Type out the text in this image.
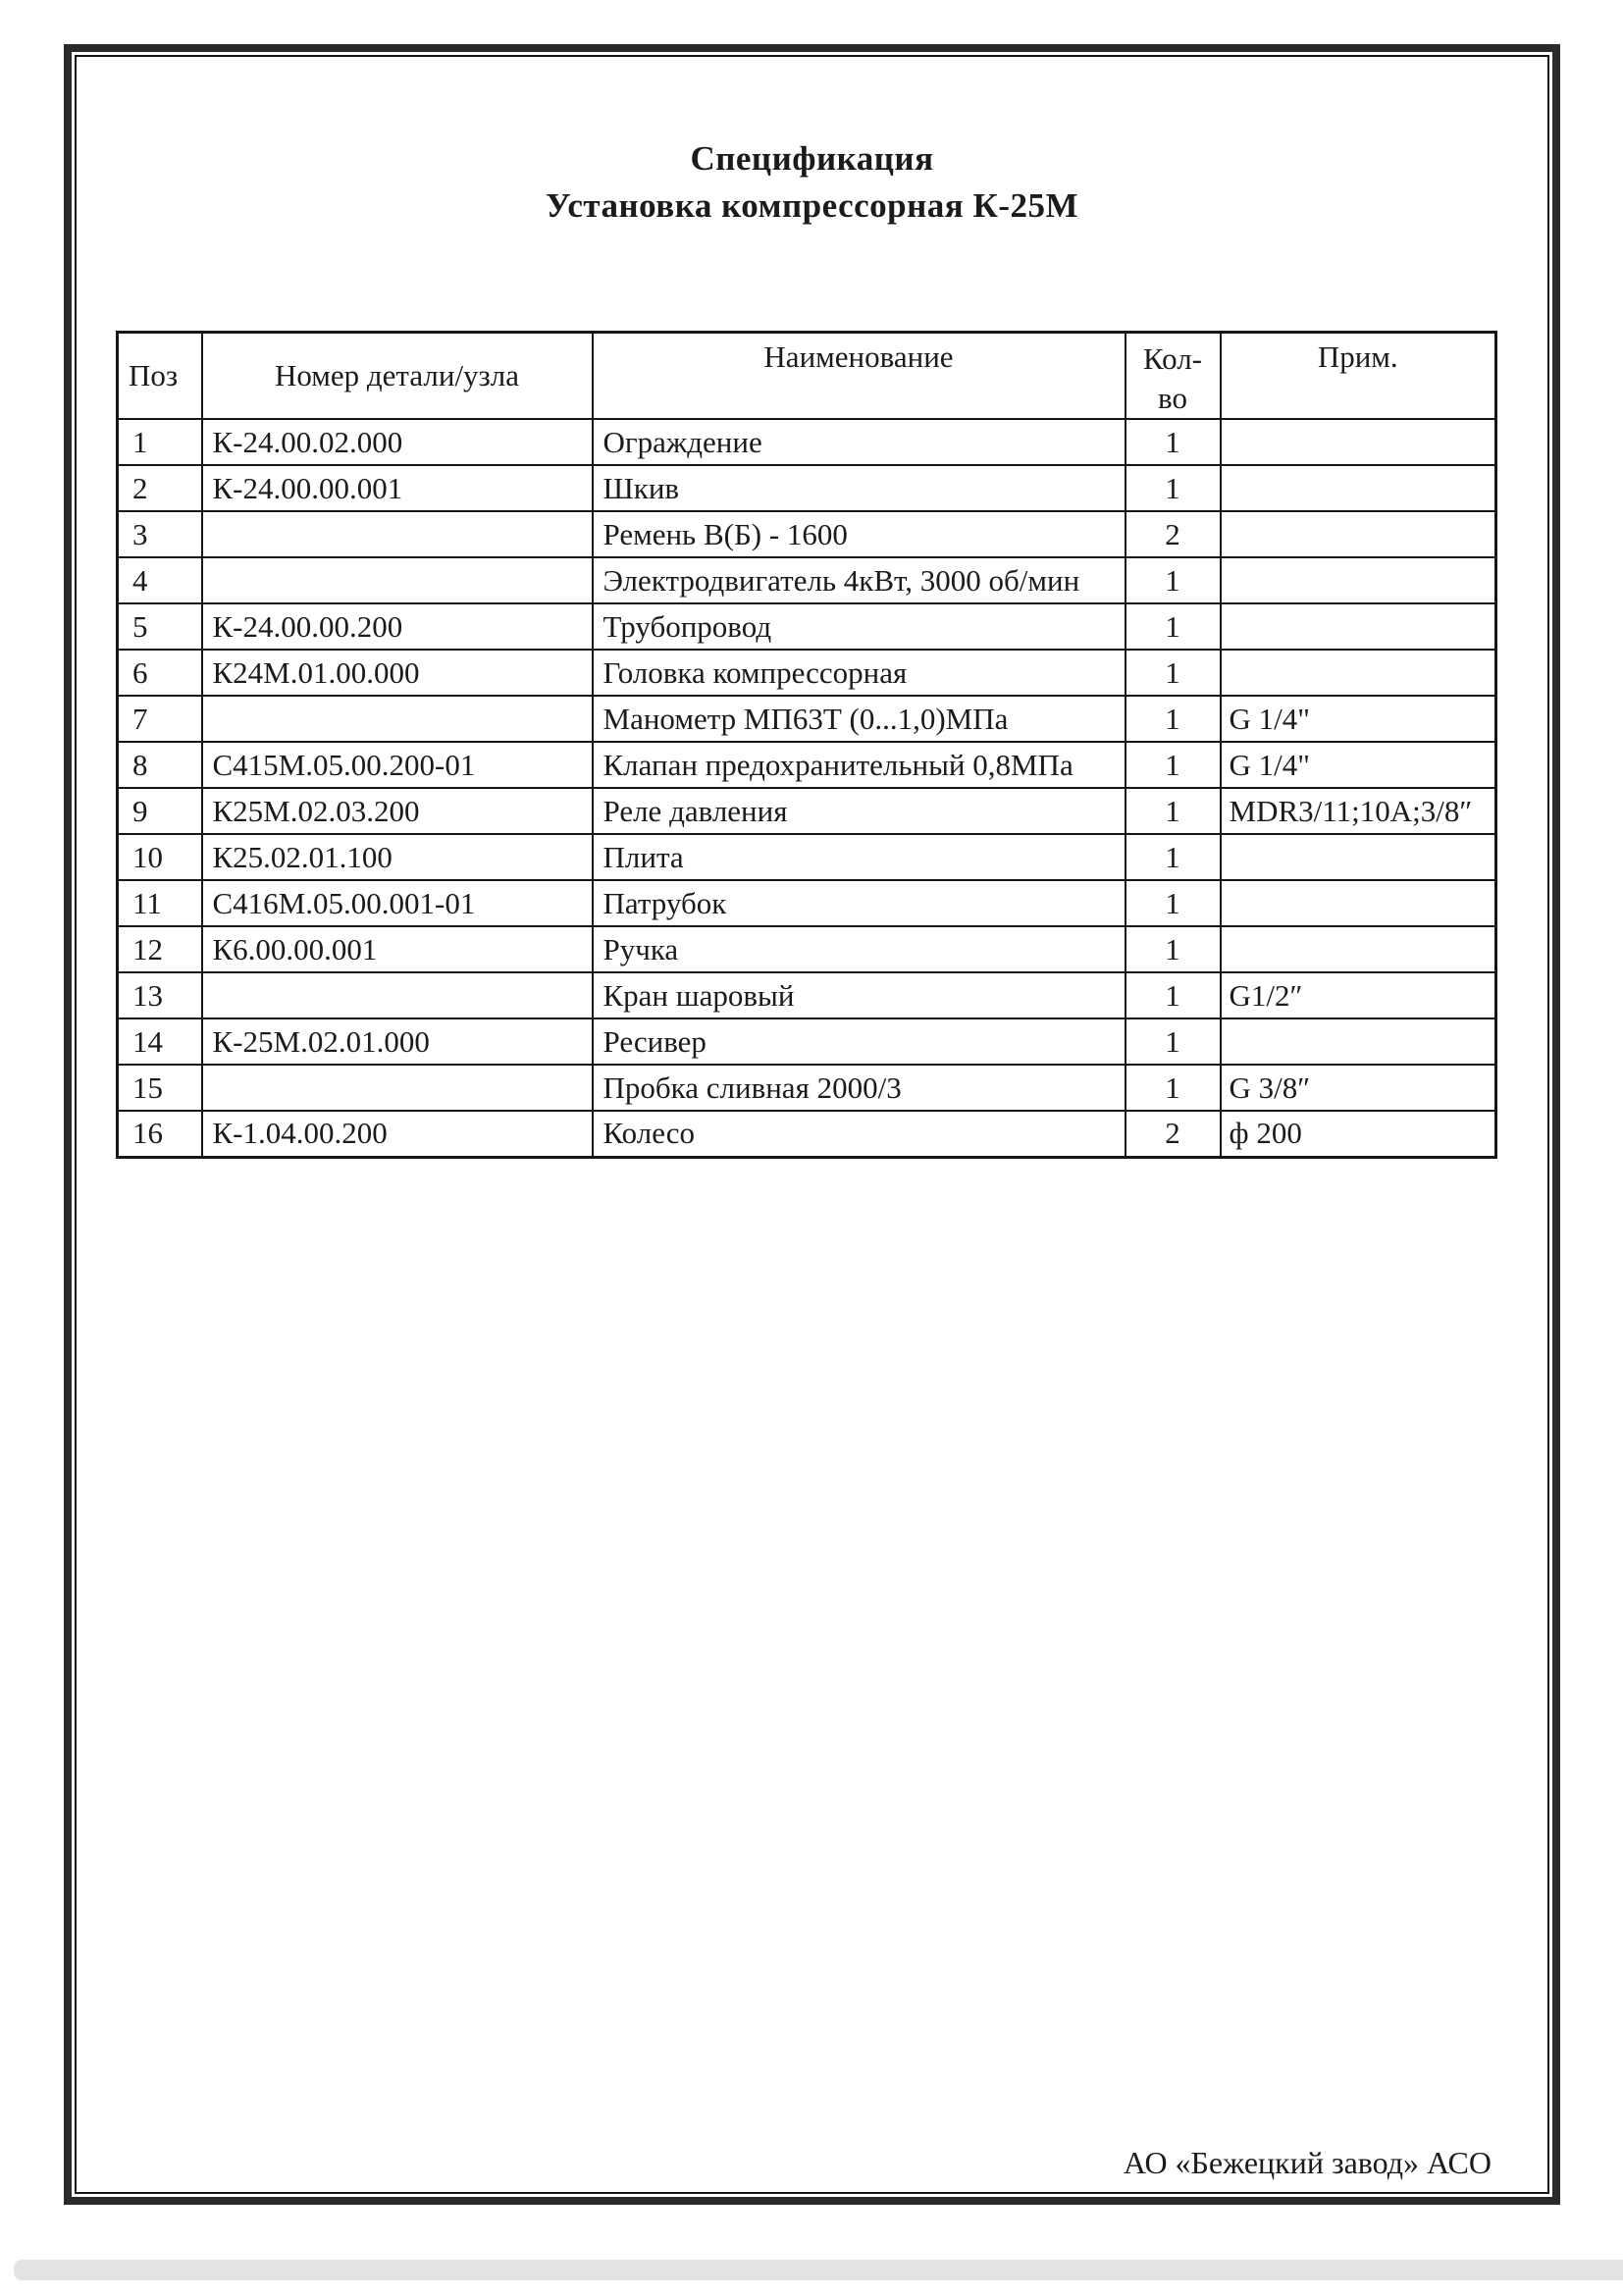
Спецификация
Установка компрессорная К-25М
Поз	Номер детали/узла	Наименование	Кол-
во	Прим.
1	К-24.00.02.000	Ограждение	1	
2	К-24.00.00.001	Шкив	1	
3		Ремень В(Б) - 1600	2	
4		Электродвигатель 4кВт, 3000 об/мин	1	
5	К-24.00.00.200	Трубопровод	1	
6	К24М.01.00.000	Головка компрессорная	1	
7		Манометр МП63Т (0...1,0)МПа	1	G 1/4"
8	С415М.05.00.200-01	Клапан предохранительный 0,8МПа	1	G 1/4"
9	К25М.02.03.200	Реле давления	1	MDR3/11;10А;3/8″
10	К25.02.01.100	Плита	1	
11	С416М.05.00.001-01	Патрубок	1	
12	К6.00.00.001	Ручка	1	
13		Кран шаровый	1	G1/2″
14	К-25М.02.01.000	Ресивер	1	
15		Пробка сливная 2000/3	1	G 3/8″
16	К-1.04.00.200	Колесо	2	ф 200
АО «Бежецкий завод» АСО
